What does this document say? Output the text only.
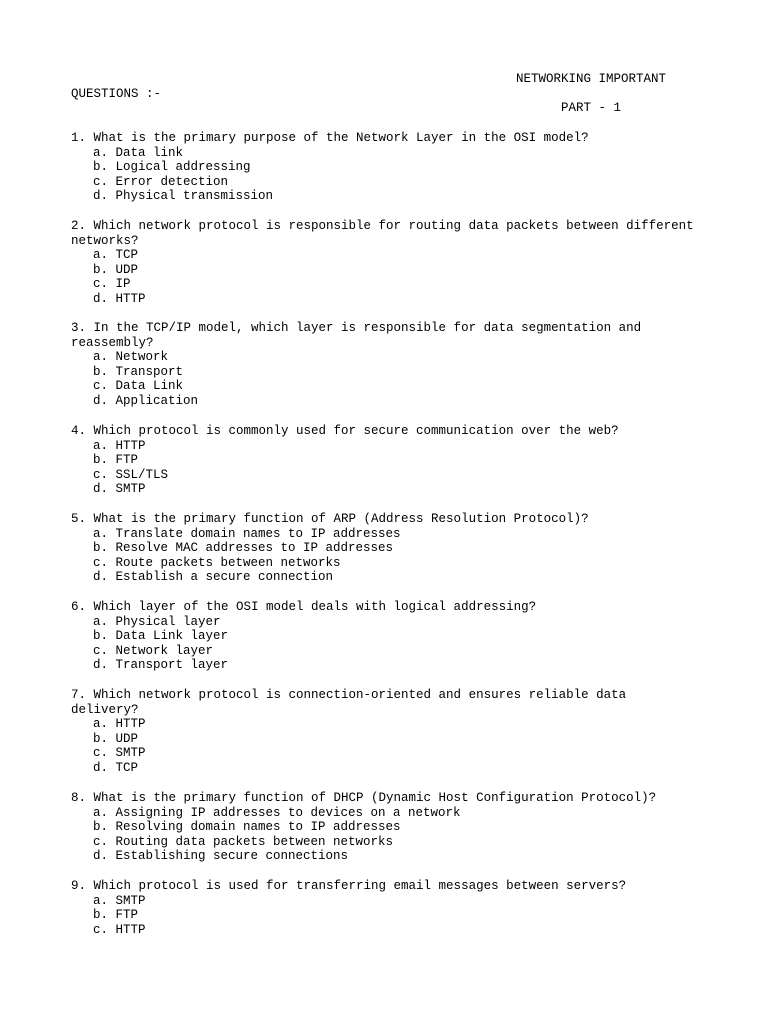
NETWORKING IMPORTANT
QUESTIONS :-
PART - 1
1. What is the primary purpose of the Network Layer in the OSI model?
a. Data link
b. Logical addressing
c. Error detection
d. Physical transmission
2. Which network protocol is responsible for routing data packets between different
networks?
a. TCP
b. UDP
c. IP
d. HTTP
3. In the TCP/IP model, which layer is responsible for data segmentation and
reassembly?
a. Network
b. Transport
c. Data Link
d. Application
4. Which protocol is commonly used for secure communication over the web?
a. HTTP
b. FTP
c. SSL/TLS
d. SMTP
5. What is the primary function of ARP (Address Resolution Protocol)?
a. Translate domain names to IP addresses
b. Resolve MAC addresses to IP addresses
c. Route packets between networks
d. Establish a secure connection
6. Which layer of the OSI model deals with logical addressing?
a. Physical layer
b. Data Link layer
c. Network layer
d. Transport layer
7. Which network protocol is connection-oriented and ensures reliable data
delivery?
a. HTTP
b. UDP
c. SMTP
d. TCP
8. What is the primary function of DHCP (Dynamic Host Configuration Protocol)?
a. Assigning IP addresses to devices on a network
b. Resolving domain names to IP addresses
c. Routing data packets between networks
d. Establishing secure connections
9. Which protocol is used for transferring email messages between servers?
a. SMTP
b. FTP
c. HTTP
